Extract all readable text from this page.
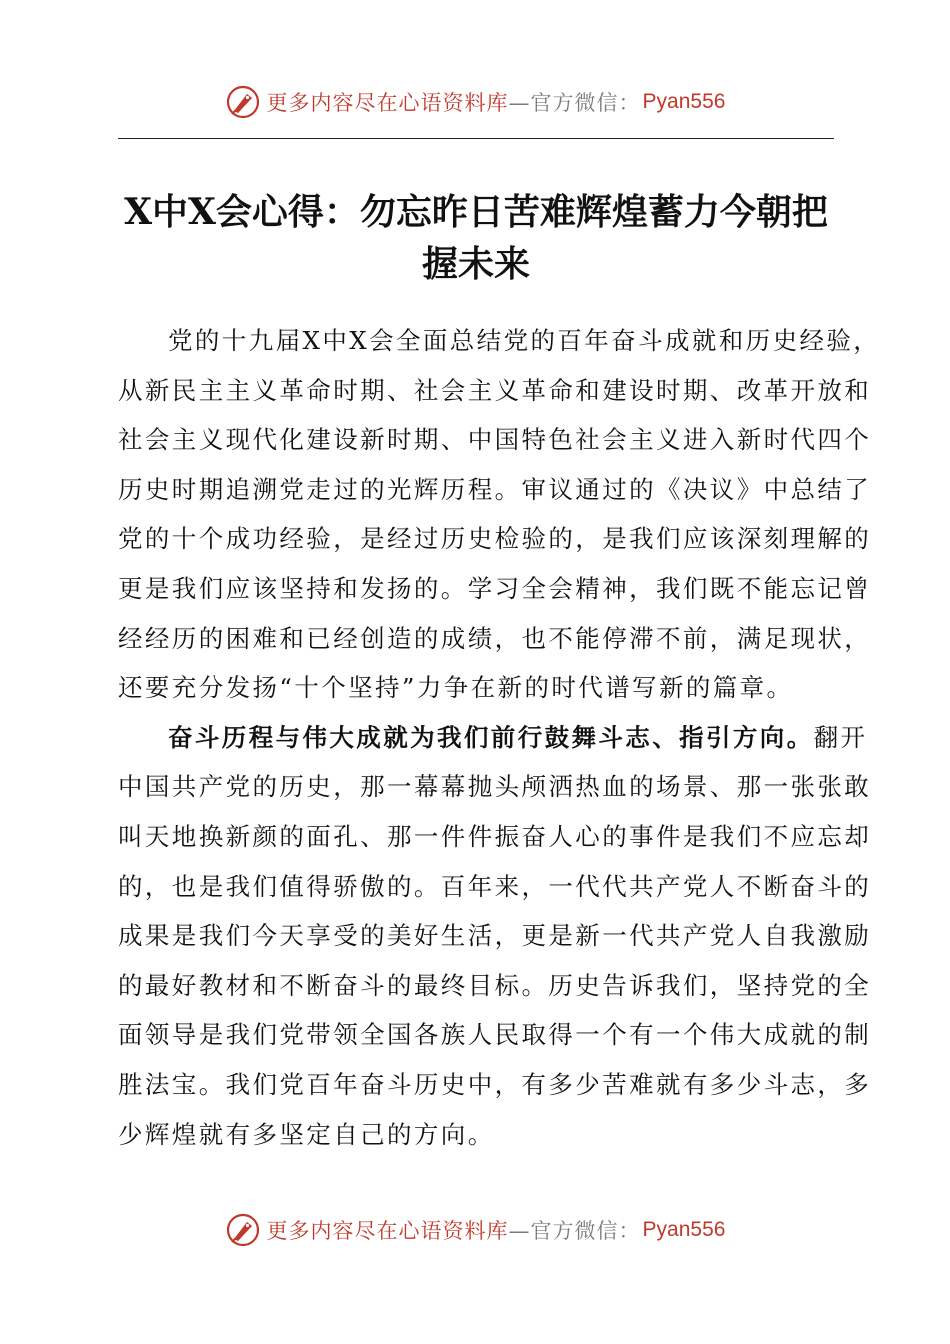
更多内容尽在心语资料库 —官方微信： Pyan556
X中X会心得：勿忘昨日苦难辉煌蓄力今朝把
握未来
党的十九届X中X会全面总结党的百年奋斗成就和历史经验，
从新民主主义革命时期、社会主义革命和建设时期、改革开放和
社会主义现代化建设新时期、中国特色社会主义进入新时代四个
历史时期追溯党走过的光辉历程。审议通过的《决议》中总结了
党的十个成功经验，是经过历史检验的，是我们应该深刻理解的
更是我们应该坚持和发扬的。学习全会精神，我们既不能忘记曾
经经历的困难和已经创造的成绩，也不能停滞不前，满足现状，
还要充分发扬“十个坚持”力争在新的时代谱写新的篇章。
奋斗历程与伟大成就为我们前行鼓舞斗志、指引方向。翻开
中国共产党的历史，那一幕幕抛头颅洒热血的场景、那一张张敢
叫天地换新颜的面孔、那一件件振奋人心的事件是我们不应忘却
的，也是我们值得骄傲的。百年来，一代代共产党人不断奋斗的
成果是我们今天享受的美好生活，更是新一代共产党人自我激励
的最好教材和不断奋斗的最终目标。历史告诉我们，坚持党的全
面领导是我们党带领全国各族人民取得一个有一个伟大成就的制
胜法宝。我们党百年奋斗历史中，有多少苦难就有多少斗志，多
少辉煌就有多坚定自己的方向。
更多内容尽在心语资料库 —官方微信： Pyan556
